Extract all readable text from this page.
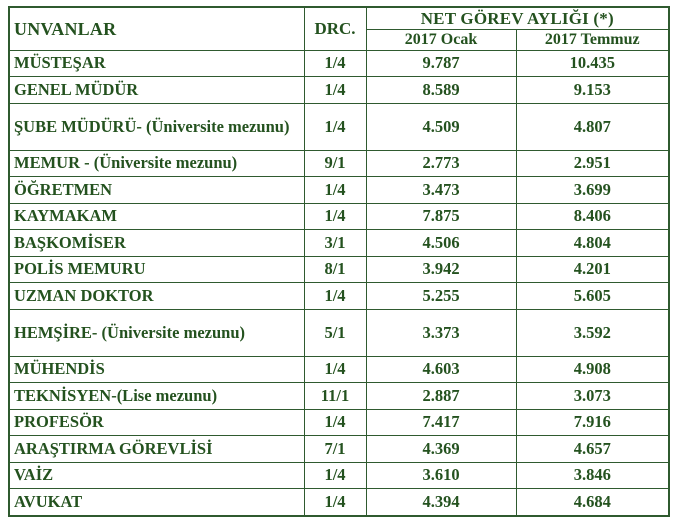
UNVANLAR	DRC.	NET GÖREV AYLIĞI (*)	
		2017 Ocak	2017 Temmuz
MÜSTEŞAR	1/4	9.787	10.435
GENEL MÜDÜR	1/4	8.589	9.153
ŞUBE MÜDÜRÜ- (Üniversite mezunu)	1/4	4.509	4.807
MEMUR - (Üniversite mezunu)	9/1	2.773	2.951
ÖĞRETMEN	1/4	3.473	3.699
KAYMAKAM	1/4	7.875	8.406
BAŞKOMİSER	3/1	4.506	4.804
POLİS MEMURU	8/1	3.942	4.201
UZMAN DOKTOR	1/4	5.255	5.605
HEMŞİRE- (Üniversite mezunu)	5/1	3.373	3.592
MÜHENDİS	1/4	4.603	4.908
TEKNİSYEN-(Lise mezunu)	11/1	2.887	3.073
PROFESÖR	1/4	7.417	7.916
ARAŞTIRMA GÖREVLİSİ	7/1	4.369	4.657
VAİZ	1/4	3.610	3.846
AVUKAT	1/4	4.394	4.684
